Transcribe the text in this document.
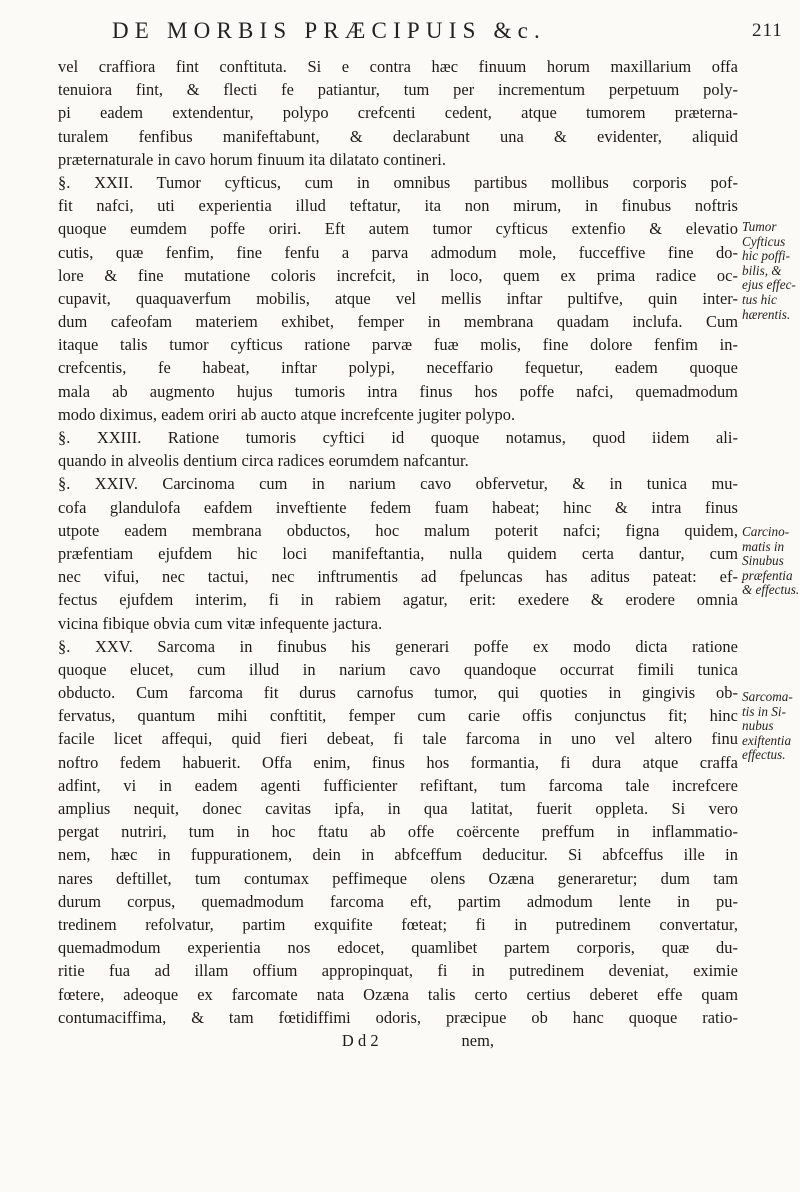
DE MORBIS PRÆCIPUIS &c.	211
vel craffiora fint conftituta. Si e contra hæc finuum horum maxillarium offa
tenuiora fint, & flecti fe patiantur, tum per incrementum perpetuum poly-
pi eadem extendentur, polypo crefcenti cedent, atque tumorem præterna-
turalem fenfibus manifeftabunt, & declarabunt una & evidenter, aliquid
præternaturale in cavo horum finuum ita dilatato contineri.
§. XXII. Tumor cyfticus, cum in omnibus partibus mollibus corporis pof-
fit nafci, uti experientia illud teftatur, ita non mirum, in finubus noftris
quoque eumdem poffe oriri. Eft autem tumor cyfticus extenfio & elevatio
cutis, quæ fenfim, fine fenfu a parva admodum mole, fucceffive fine do-
lore & fine mutatione coloris increfcit, in loco, quem ex prima radice oc-
cupavit, quaquaverfum mobilis, atque vel mellis inftar pultifve, quin inter-
dum cafeofam materiem exhibet, femper in membrana quadam inclufa. Cum
itaque talis tumor cyfticus ratione parvæ fuæ molis, fine dolore fenfim in-
crefcentis, fe habeat, inftar polypi, neceffario fequetur, eadem quoque
mala ab augmento hujus tumoris intra finus hos poffe nafci, quemadmodum
modo diximus, eadem oriri ab aucto atque increfcente jugiter polypo.
§. XXIII. Ratione tumoris cyftici id quoque notamus, quod iidem ali-
quando in alveolis dentium circa radices eorumdem nafcantur.
§. XXIV. Carcinoma cum in narium cavo obfervetur, & in tunica mu-
cofa glandulofa eafdem inveftiente fedem fuam habeat; hinc & intra finus
utpote eadem membrana obductos, hoc malum poterit nafci; figna quidem,
præfentiam ejufdem hic loci manifeftantia, nulla quidem certa dantur, cum
nec vifui, nec tactui, nec inftrumentis ad fpeluncas has aditus pateat: ef-
fectus ejufdem interim, fi in rabiem agatur, erit: exedere & erodere omnia
vicina fibique obvia cum vitæ infequente jactura.
§. XXV. Sarcoma in finubus his generari poffe ex modo dicta ratione
quoque elucet, cum illud in narium cavo quandoque occurrat fimili tunica
obducto. Cum farcoma fit durus carnofus tumor, qui quoties in gingivis ob-
fervatus, quantum mihi conftitit, femper cum carie offis conjunctus fit; hinc
facile licet affequi, quid fieri debeat, fi tale farcoma in uno vel altero finu
noftro fedem habuerit. Offa enim, finus hos formantia, fi dura atque craffa
adfint, vi in eadem agenti fufficienter refiftant, tum farcoma tale increfcere
amplius nequit, donec cavitas ipfa, in qua latitat, fuerit oppleta. Si vero
pergat nutriri, tum in hoc ftatu ab offe coërcente preffum in inflammatio-
nem, hæc in fuppurationem, dein in abfceffum deducitur. Si abfceffus ille in
nares deftillet, tum contumax peffimeque olens Ozæna generaretur; dum tam
durum corpus, quemadmodum farcoma eft, partim admodum lente in pu-
tredinem refolvatur, partim exquifite fœteat; fi in putredinem convertatur,
quemadmodum experientia nos edocet, quamlibet partem corporis, quæ du-
ritie fua ad illam offium appropinquat, fi in putredinem deveniat, eximie
fœtere, adeoque ex farcomate nata Ozæna talis certo certius deberet effe quam
contumaciffima, & tam fœtidiffimi odoris, præcipue ob hanc quoque ratio-
D d 2                    nem,
Tumor
Cyfticus
hic poffi-
bilis, &
ejus effec-
tus hic
hærentis.
Carcino-
matis in
Sinubus
præfentia
& effectus.
Sarcoma-
tis in Si-
nubus
exiftentia
effectus.
